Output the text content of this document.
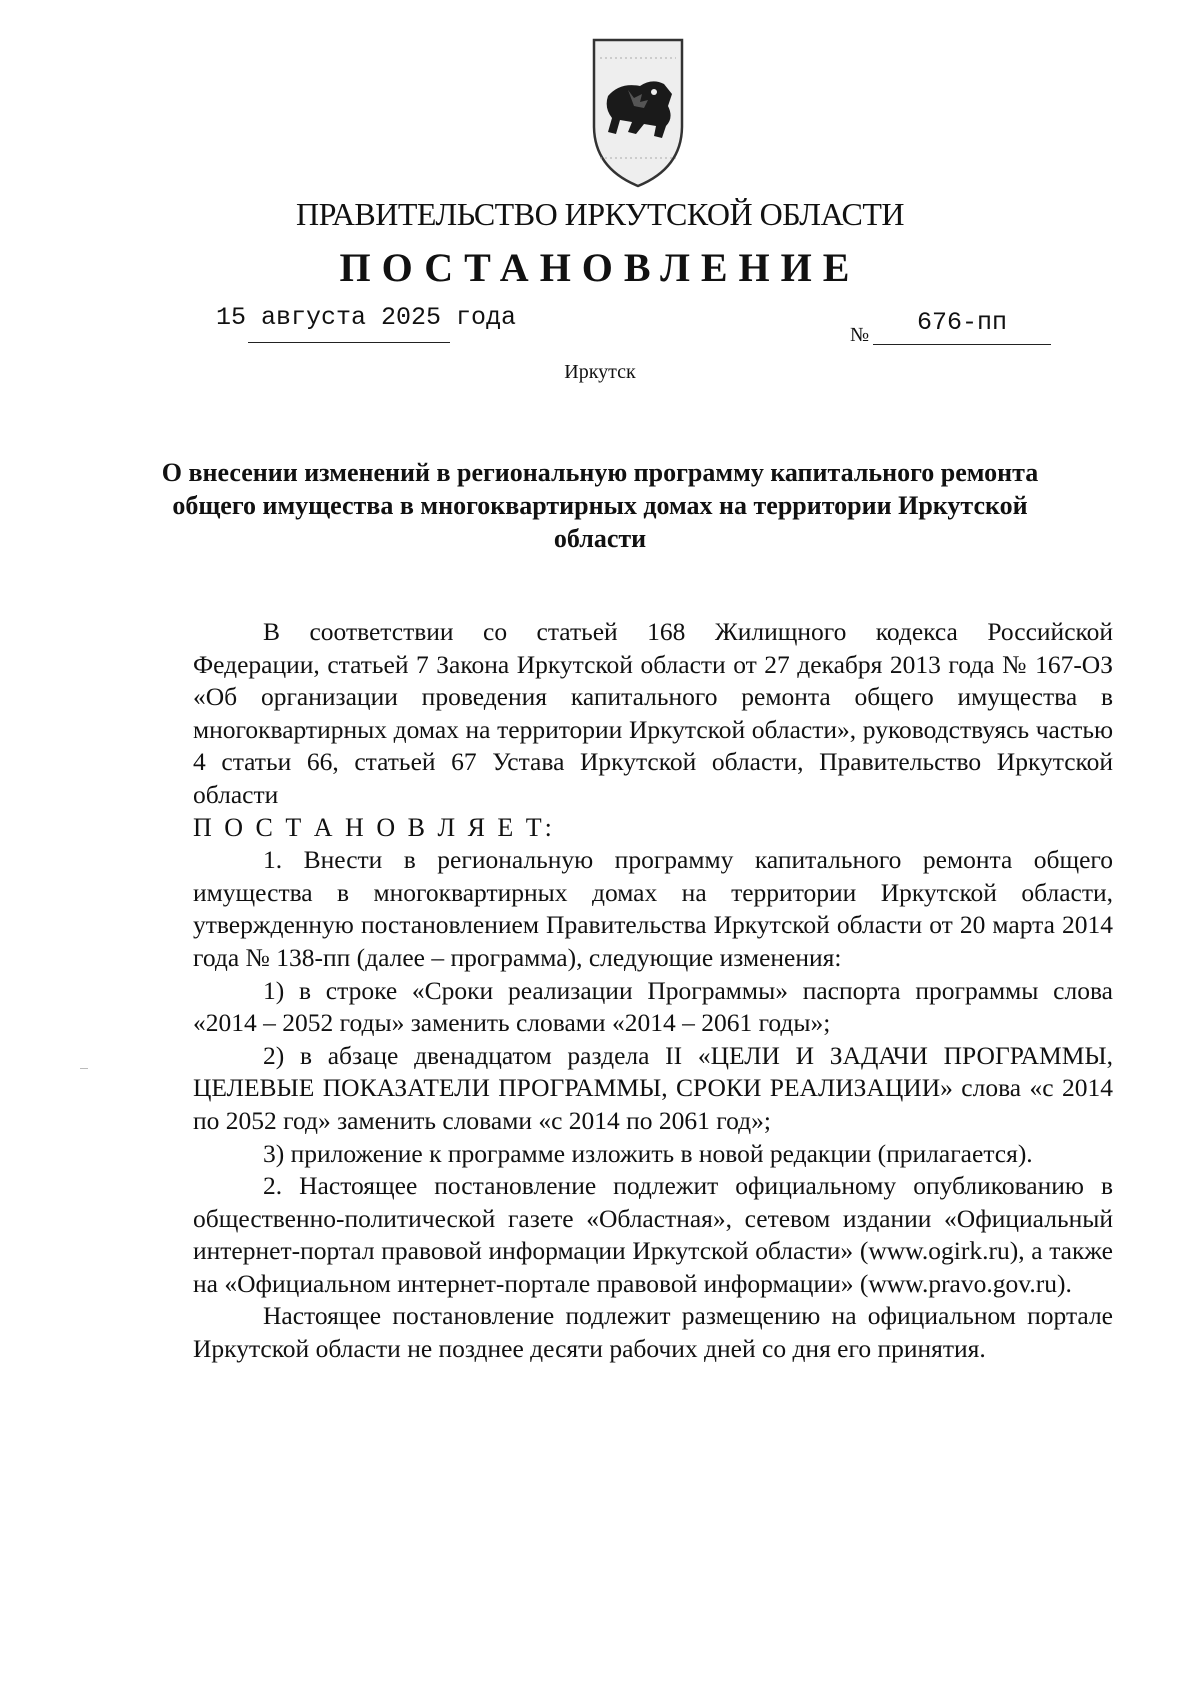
ПРАВИТЕЛЬСТВО ИРКУТСКОЙ ОБЛАСТИ
ПОСТАНОВЛЕНИЕ
15 августа 2025 года
№ 676-пп
Иркутск
О внесении изменений в региональную программу капитального ремонта общего имущества в многоквартирных домах на территории Иркутской области

В соответствии со статьей 168 Жилищного кодекса Российской

Федерации, статьей 7 Закона Иркутской области от 27 декабря 2013 года № 167-ОЗ «Об организации проведения капитального ремонта общего имущества в многоквартирных домах на территории Иркутской области», руководствуясь частью 4 статьи 66, статьей 67 Устава Иркутской области, Правительство Иркутской области

П О С Т А Н О В Л Я Е Т:

1. Внести в региональную программу капитального ремонта общего имущества в многоквартирных домах на территории Иркутской области, утвержденную постановлением Правительства Иркутской области от 20 марта 2014 года № 138-пп (далее – программа), следующие изменения:

1) в строке «Сроки реализации Программы» паспорта программы слова «2014 – 2052 годы» заменить словами «2014 – 2061 годы»;

2) в абзаце двенадцатом раздела II «ЦЕЛИ И ЗАДАЧИ ПРОГРАММЫ, ЦЕЛЕВЫЕ ПОКАЗАТЕЛИ ПРОГРАММЫ, СРОКИ РЕАЛИЗАЦИИ» слова «с 2014 по 2052 год» заменить словами «с 2014 по 2061 год»;

3) приложение к программе изложить в новой редакции (прилагается).

2. Настоящее постановление подлежит официальному опубликованию в общественно-политической газете «Областная», сетевом издании «Официальный интернет-портал правовой информации Иркутской области» (www.ogirk.ru), а также на «Официальном интернет-портале правовой информации» (www.pravo.gov.ru).

Настоящее постановление подлежит размещению на официальном портале Иркутской области не позднее десяти рабочих дней со дня его принятия.
